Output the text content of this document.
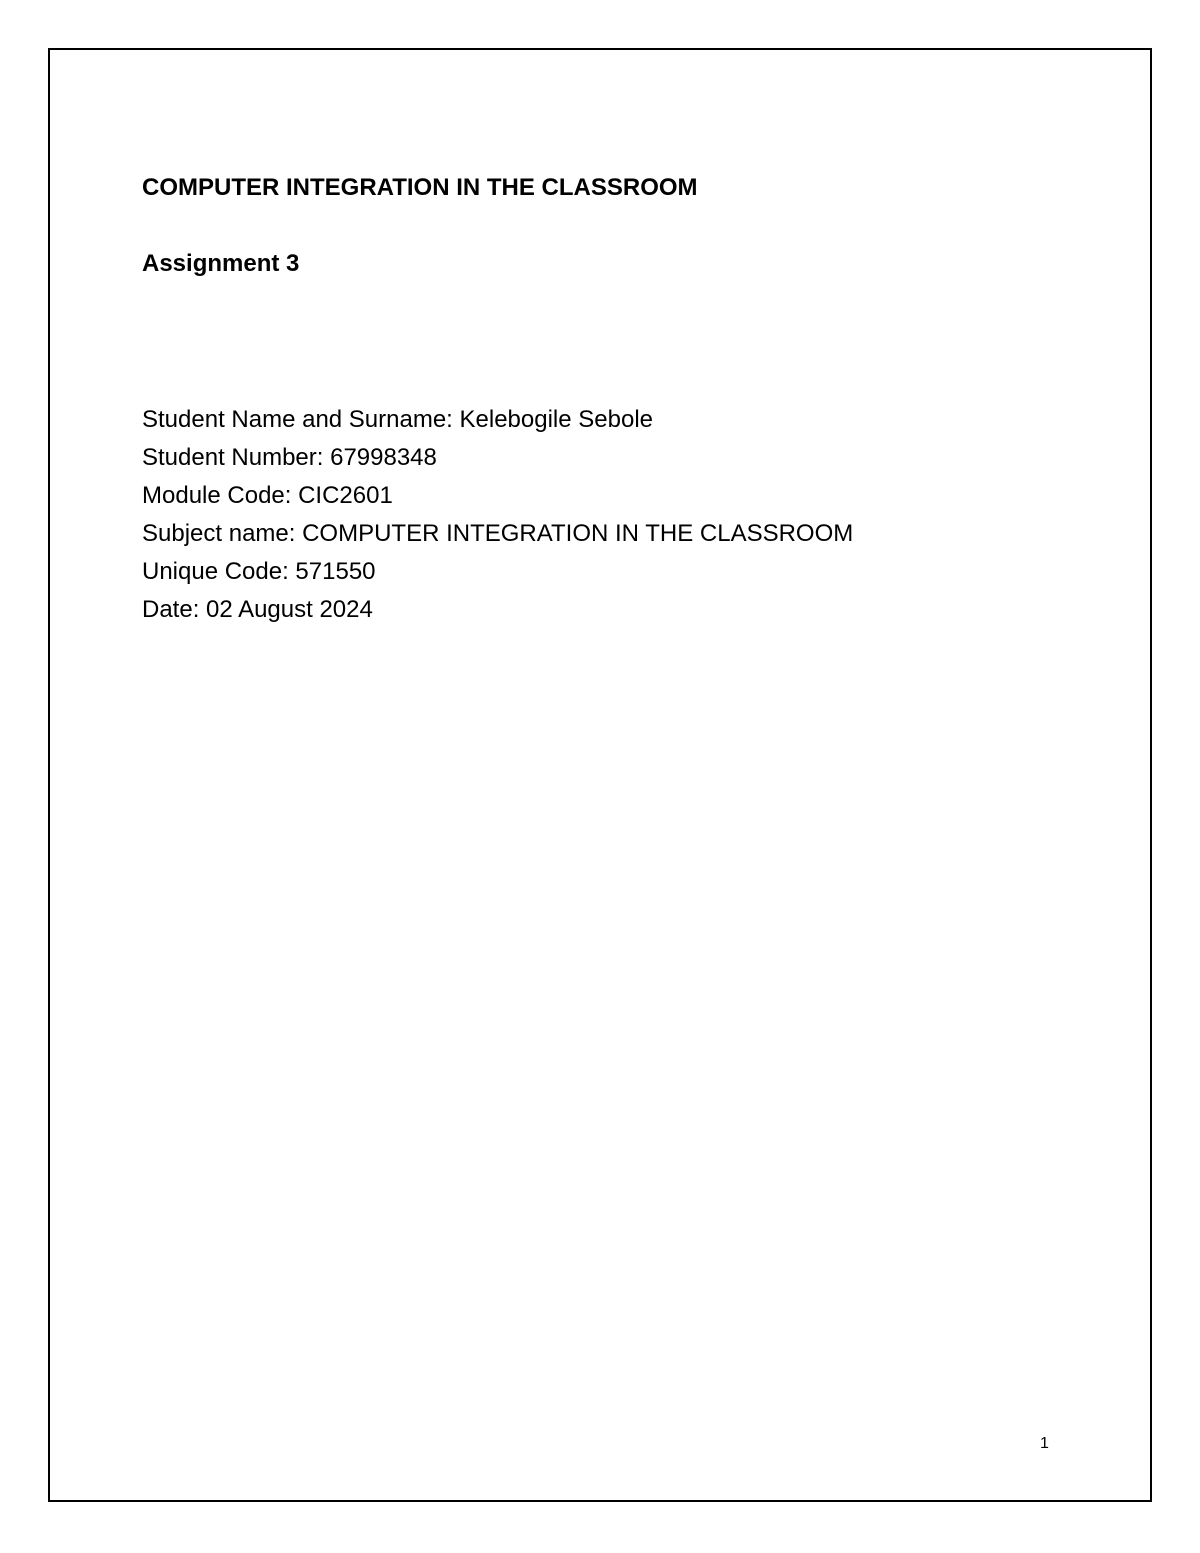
COMPUTER INTEGRATION IN THE CLASSROOM
Assignment 3
Student Name and Surname: Kelebogile Sebole
Student Number: 67998348
Module Code: CIC2601
Subject name: COMPUTER INTEGRATION IN THE CLASSROOM
Unique Code: 571550
Date: 02 August 2024
1
